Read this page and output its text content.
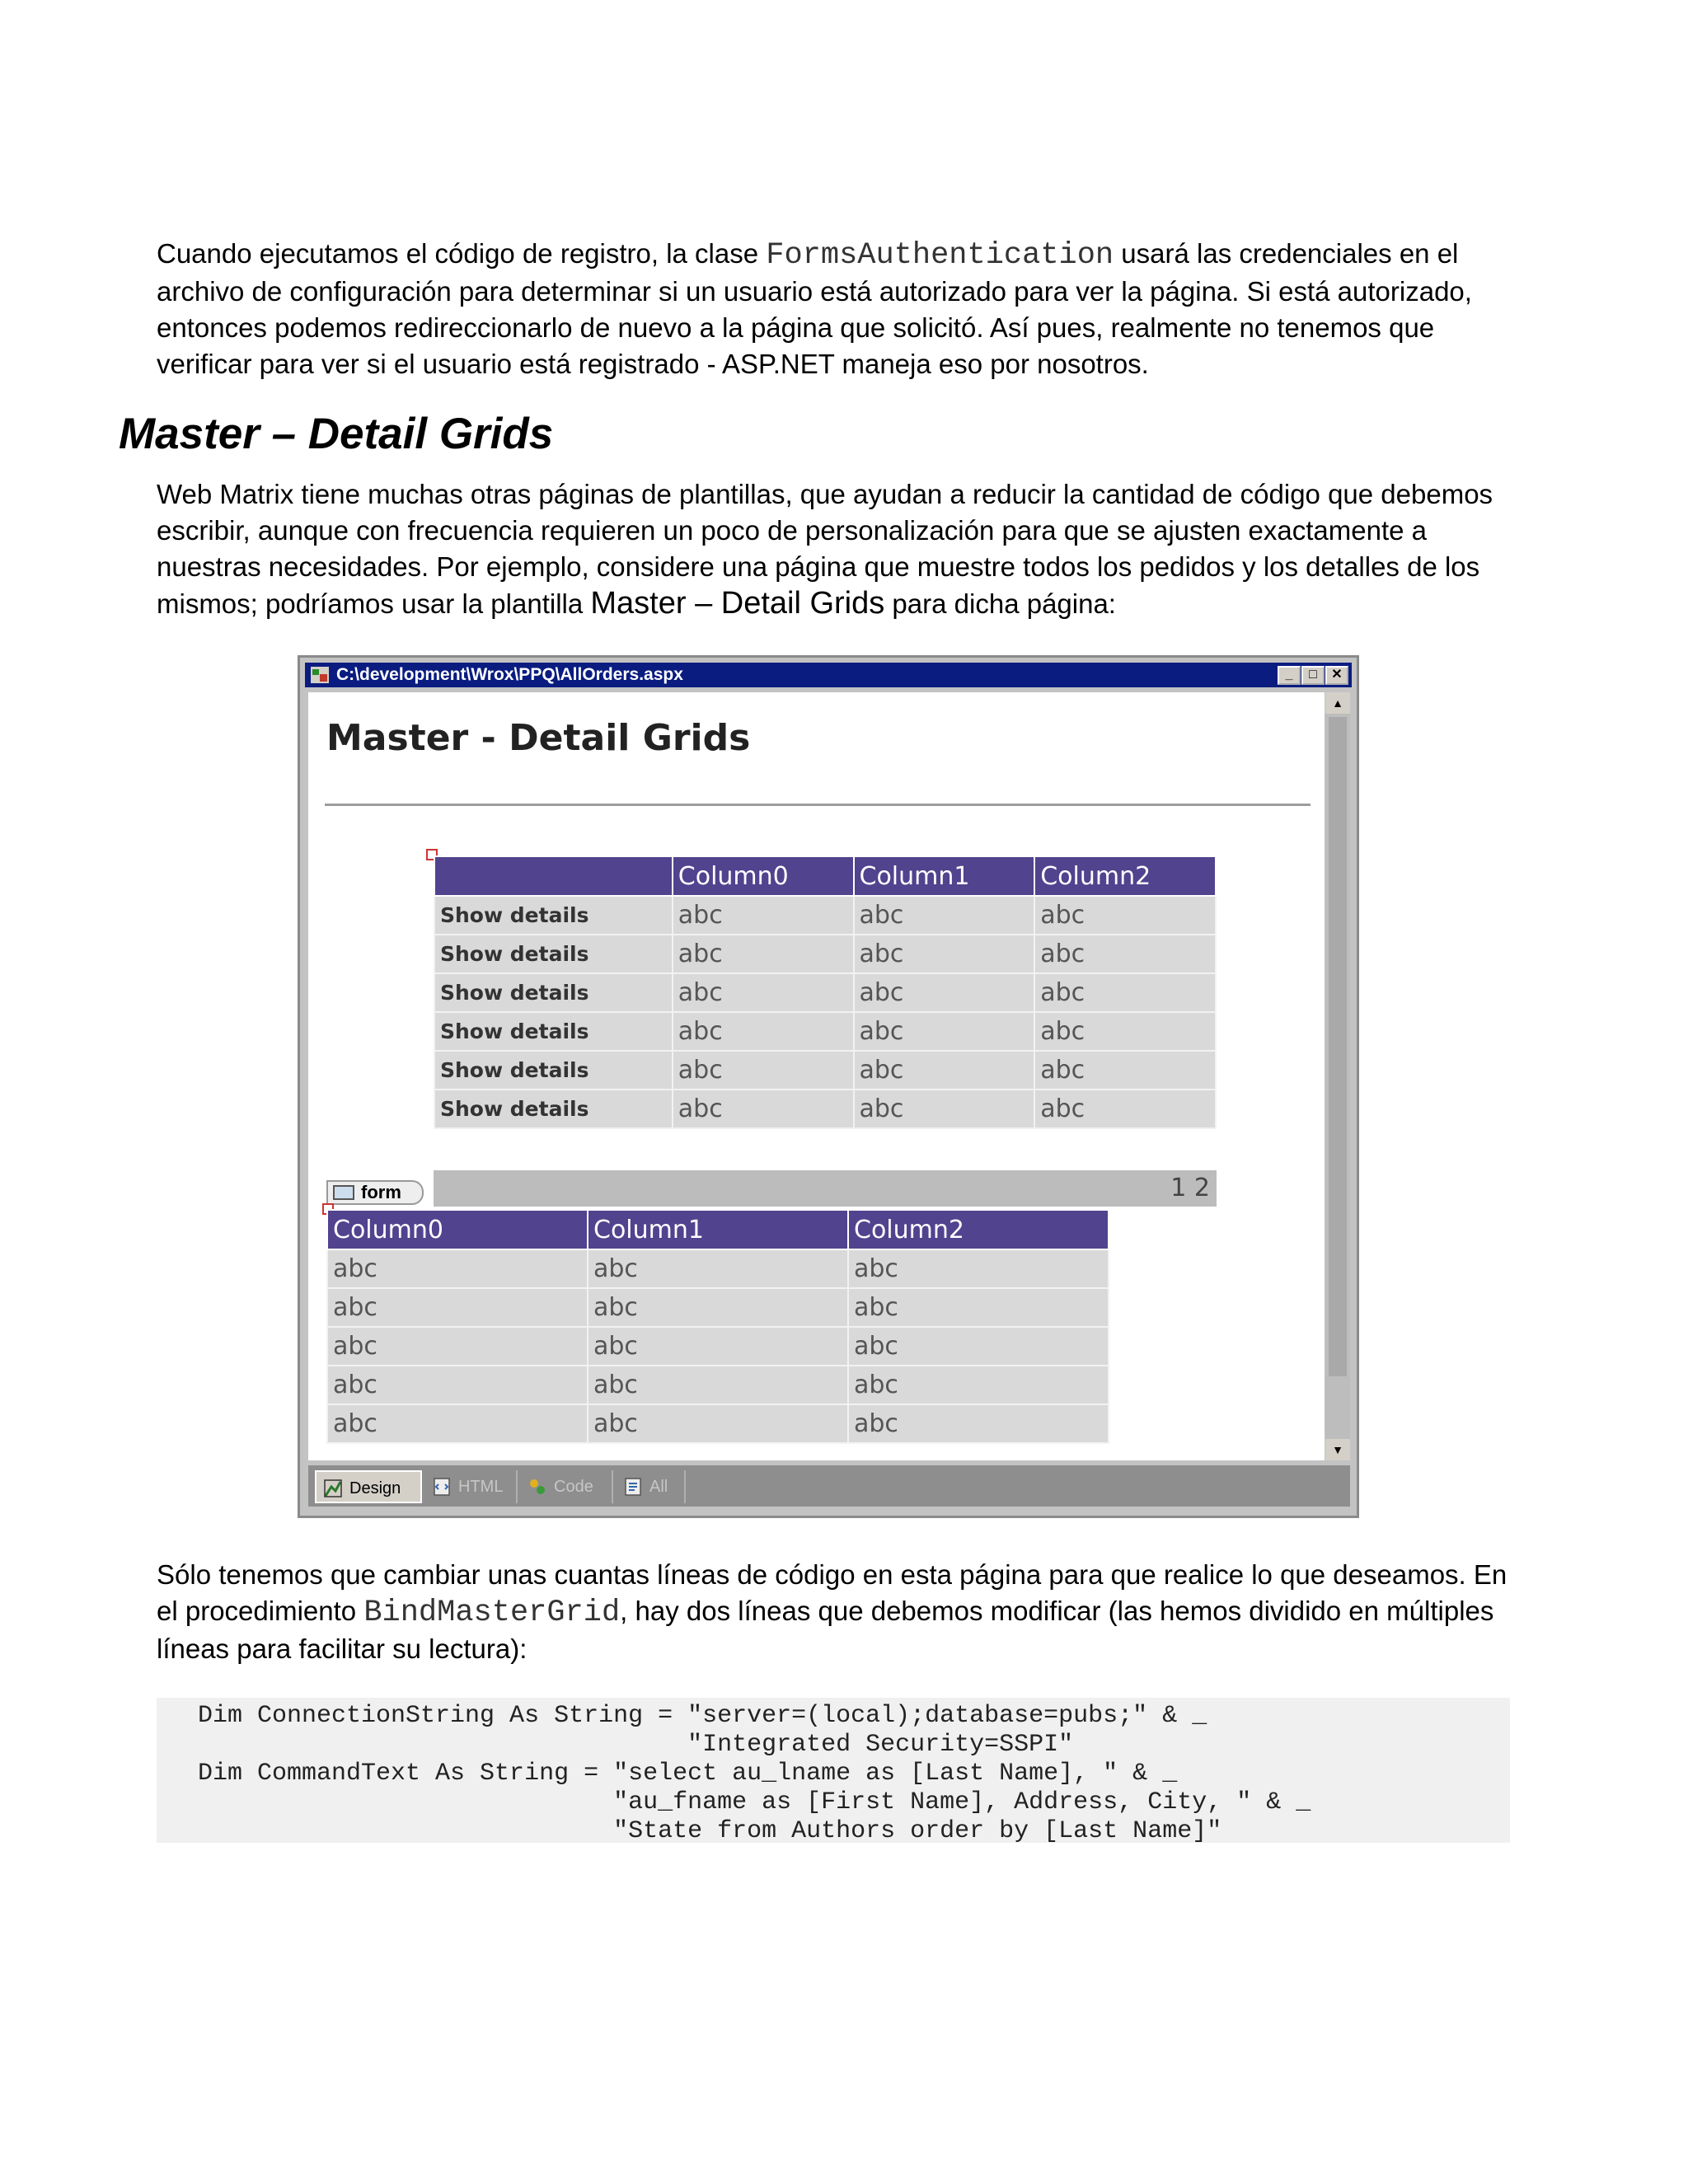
Cuando ejecutamos el código de registro, la clase FormsAuthentication usará las credenciales en el archivo de configuración para determinar si un usuario está autorizado para ver la página. Si está autorizado, entonces podemos redireccionarlo de nuevo a la página que solicitó. Así pues, realmente no tenemos que verificar para ver si el usuario está registrado - ASP.NET maneja eso por nosotros.

Master – Detail Grids

Web Matrix tiene muchas otras páginas de plantillas, que ayudan a reducir la cantidad de código que debemos escribir, aunque con frecuencia requieren un poco de personalización para que se ajusten exactamente a nuestras necesidades. Por ejemplo, considere una página que muestre todos los pedidos y los detalles de los mismos; podríamos usar la plantilla Master – Detail Grids para dicha página:

C:\development\Wrox\PPQ\AllOrders.aspx	_	□	✕
Master - Detail Grids
	Column0	Column1	Column2
Show details	abc	abc	abc
Show details	abc	abc	abc
Show details	abc	abc	abc
Show details	abc	abc	abc
Show details	abc	abc	abc
Show details	abc	abc	abc
1 2
form
Column0	Column1	Column2
abc	abc	abc
abc	abc	abc
abc	abc	abc
abc	abc	abc
abc	abc	abc
▲
▼
Design	HTML	Code	All

Sólo tenemos que cambiar unas cuantas líneas de código en esta página para que realice lo que deseamos. En el procedimiento BindMasterGrid, hay dos líneas que debemos modificar (las hemos dividido en múltiples líneas para facilitar su lectura):

Dim ConnectionString As String = "server=(local);database=pubs;" & _
"Integrated Security=SSPI"
Dim CommandText As String = "select au_lname as [Last Name], " & _
"au_fname as [First Name], Address, City, " & _
"State from Authors order by [Last Name]"
